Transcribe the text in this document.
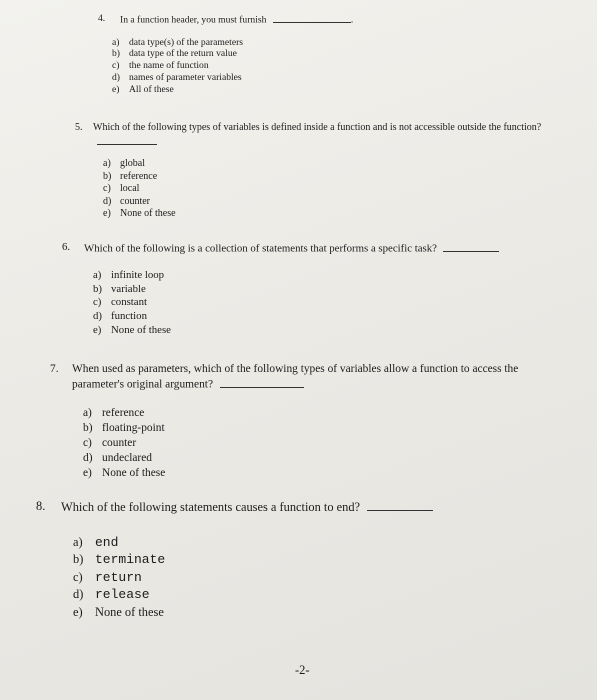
4.	In a function header, you must furnish	.
a) data type(s) of the parameters
b) data type of the return value
c) the name of function
d) names of parameter variables
e) All of these
5.	Which of the following types of variables is defined inside a function and is not accessible outside the function?
a) global
b) reference
c) local
d) counter
e) None of these
6.	Which of the following is a collection of statements that performs a specific task?
a) infinite loop
b) variable
c) constant
d) function
e) None of these
7.	When used as parameters, which of the following types of variables allow a function to access the parameter's original argument?
a) reference
b) floating-point
c) counter
d) undeclared
e) None of these
8.	Which of the following statements causes a function to end?
a) end
b) terminate
c) return
d) release
e) None of these
-2-
